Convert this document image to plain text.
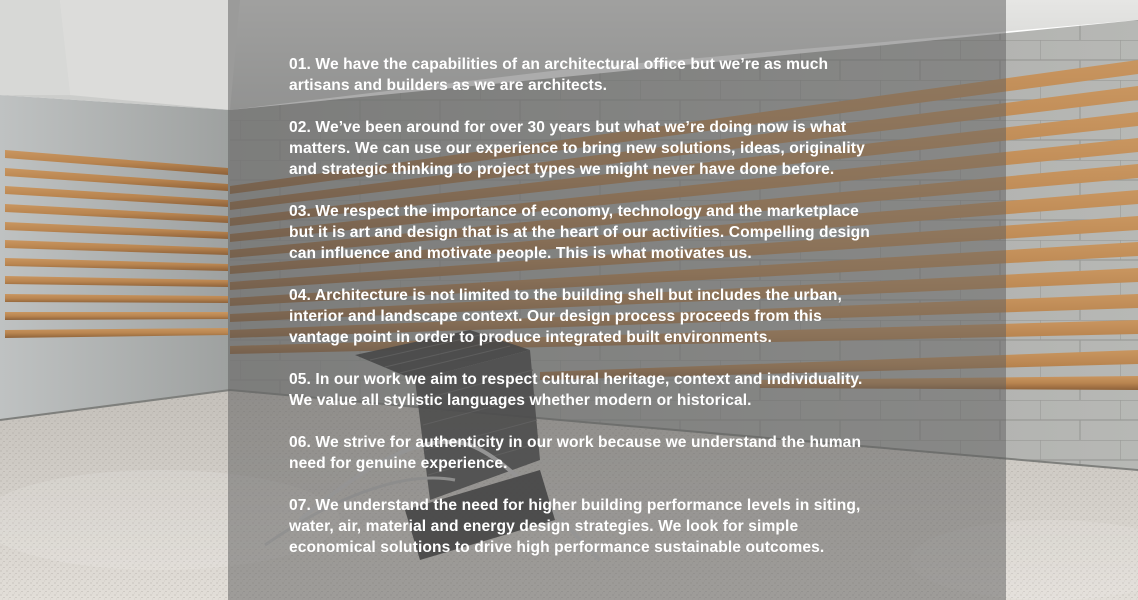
01. We have the capabilities of an architectural office but we’re as much
artisans and builders as we are architects.

02. We’ve been around for over 30 years but what we’re doing now is what
matters. We can use our experience to bring new solutions, ideas, originality
and strategic thinking to project types we might never have done before.

03. We respect the importance of economy, technology and the marketplace
but it is art and design that is at the heart of our activities. Compelling design
can influence and motivate people. This is what motivates us.

04. Architecture is not limited to the building shell but includes the urban,
interior and landscape context. Our design process proceeds from this
vantage point in order to produce integrated built environments.

05. In our work we aim to respect cultural heritage, context and individuality.
We value all stylistic languages whether modern or historical.

06. We strive for authenticity in our work because we understand the human
need for genuine experience.

07. We understand the need for higher building performance levels in siting,
water, air, material and energy design strategies. We look for simple
economical solutions to drive high performance sustainable outcomes.
